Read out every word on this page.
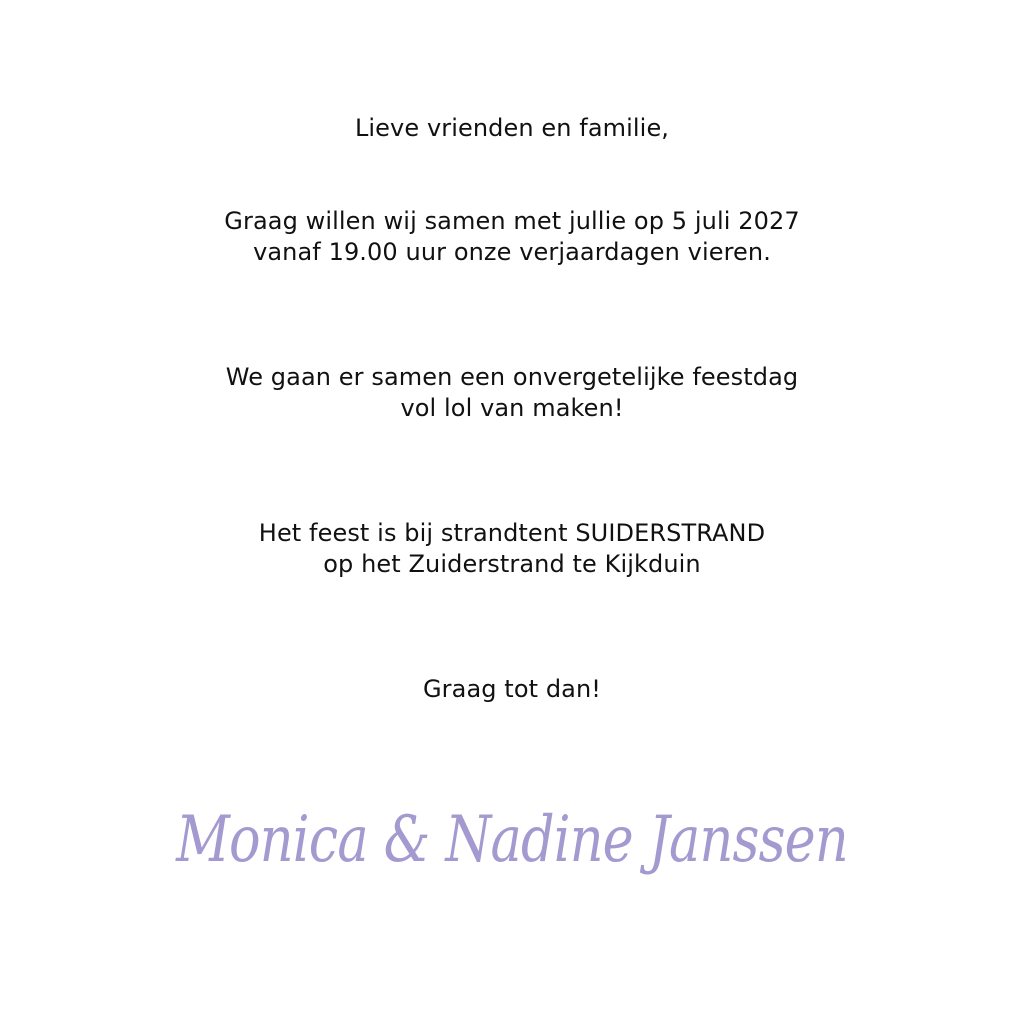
Lieve vrienden en familie,
Graag willen wij samen met jullie op 5 juli 2027
vanaf 19.00 uur onze verjaardagen vieren.
We gaan er samen een onvergetelijke feestdag
vol lol van maken!
Het feest is bij strandtent SUIDERSTRAND
op het Zuiderstrand te Kijkduin
Graag tot dan!
Monica & Nadine Janssen
